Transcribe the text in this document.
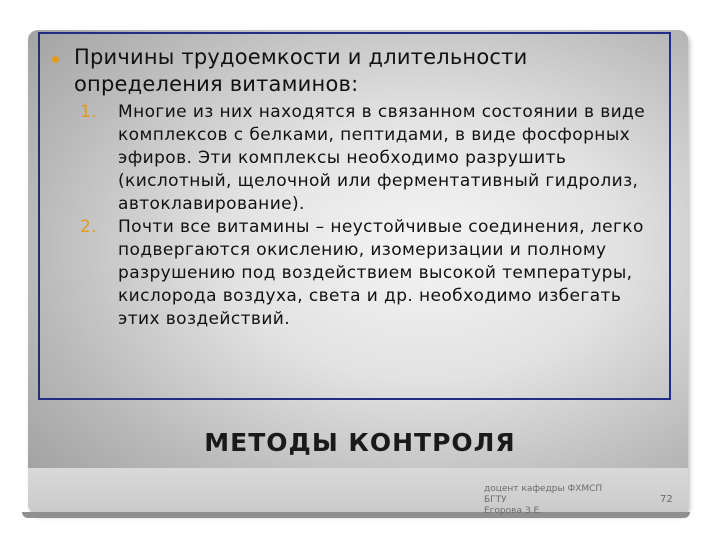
Причины трудоемкости и длительности определения витаминов:

1. Многие из них находятся в связанном состоянии в виде комплексов с белками, пептидами, в виде фосфорных эфиров. Эти комплексы необходимо разрушить (кислотный, щелочной или ферментативный гидролиз, автоклавирование).
2. Почти все витамины – неустойчивые соединения, легко подвергаются окислению, изомеризации и полному разрушению под воздействием высокой температуры, кислорода воздуха, света и др. необходимо избегать этих воздействий.
МЕТОДЫ КОНТРОЛЯ
доцент кафедры ФХМСП БГТУ
Егорова З.Е.
72
